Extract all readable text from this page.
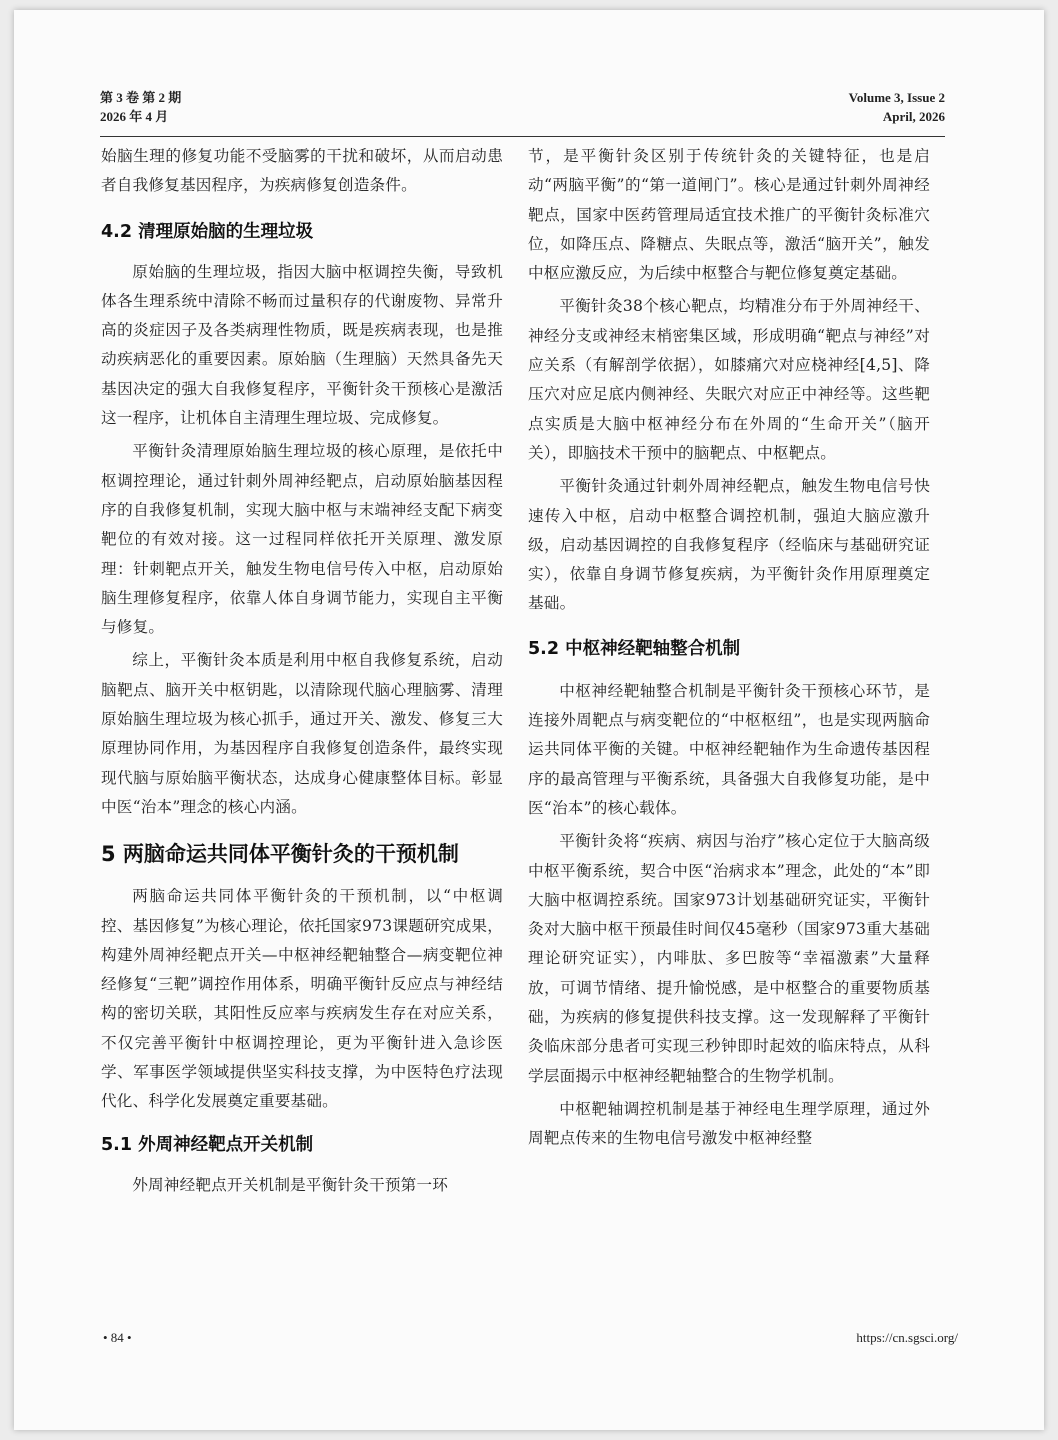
第 3 卷 第 2 期
2026 年 4 月
Volume 3, Issue 2
April, 2026

始脑生理的修复功能不受脑雾的干扰和破坏，从而启动患者自我修复基因程序，为疾病修复创造条件。

4.2 清理原始脑的生理垃圾

原始脑的生理垃圾，指因大脑中枢调控失衡，导致机体各生理系统中清除不畅而过量积存的代谢废物、异常升高的炎症因子及各类病理性物质，既是疾病表现，也是推动疾病恶化的重要因素。原始脑（生理脑）天然具备先天基因决定的强大自我修复程序，平衡针灸干预核心是激活这一程序，让机体自主清理生理垃圾、完成修复。

平衡针灸清理原始脑生理垃圾的核心原理，是依托中枢调控理论，通过针刺外周神经靶点，启动原始脑基因程序的自我修复机制，实现大脑中枢与末端神经支配下病变靶位的有效对接。这一过程同样依托开关原理、激发原理：针刺靶点开关，触发生物电信号传入中枢，启动原始脑生理修复程序，依靠人体自身调节能力，实现自主平衡与修复。

综上，平衡针灸本质是利用中枢自我修复系统，启动脑靶点、脑开关中枢钥匙，以清除现代脑心理脑雾、清理原始脑生理垃圾为核心抓手，通过开关、激发、修复三大原理协同作用，为基因程序自我修复创造条件，最终实现现代脑与原始脑平衡状态，达成身心健康整体目标。彰显中医“治本”理念的核心内涵。

5 两脑命运共同体平衡针灸的干预机制

两脑命运共同体平衡针灸的干预机制，以“中枢调控、基因修复”为核心理论，依托国家973课题研究成果，构建外周神经靶点开关—中枢神经靶轴整合—病变靶位神经修复“三靶”调控作用体系，明确平衡针反应点与神经结构的密切关联，其阳性反应率与疾病发生存在对应关系，不仅完善平衡针中枢调控理论，更为平衡针进入急诊医学、军事医学领域提供坚实科技支撑，为中医特色疗法现代化、科学化发展奠定重要基础。

5.1 外周神经靶点开关机制

外周神经靶点开关机制是平衡针灸干预第一环

节，是平衡针灸区别于传统针灸的关键特征，也是启动“两脑平衡”的“第一道闸门”。核心是通过针刺外周神经靶点，国家中医药管理局适宜技术推广的平衡针灸标准穴位，如降压点、降糖点、失眠点等，激活“脑开关”，触发中枢应激反应，为后续中枢整合与靶位修复奠定基础。

平衡针灸38个核心靶点，均精准分布于外周神经干、神经分支或神经末梢密集区域，形成明确“靶点与神经”对应关系（有解剖学依据），如膝痛穴对应桡神经[4,5]、降压穴对应足底内侧神经、失眠穴对应正中神经等。这些靶点实质是大脑中枢神经分布在外周的“生命开关”（脑开关），即脑技术干预中的脑靶点、中枢靶点。

平衡针灸通过针刺外周神经靶点，触发生物电信号快速传入中枢，启动中枢整合调控机制，强迫大脑应激升级，启动基因调控的自我修复程序（经临床与基础研究证实），依靠自身调节修复疾病，为平衡针灸作用原理奠定基础。

5.2 中枢神经靶轴整合机制

中枢神经靶轴整合机制是平衡针灸干预核心环节，是连接外周靶点与病变靶位的“中枢枢纽”，也是实现两脑命运共同体平衡的关键。中枢神经靶轴作为生命遗传基因程序的最高管理与平衡系统，具备强大自我修复功能，是中医“治本”的核心载体。

平衡针灸将“疾病、病因与治疗”核心定位于大脑高级中枢平衡系统，契合中医“治病求本”理念，此处的“本”即大脑中枢调控系统。国家973计划基础研究证实，平衡针灸对大脑中枢干预最佳时间仅45毫秒（国家973重大基础理论研究证实），内啡肽、多巴胺等“幸福激素”大量释放，可调节情绪、提升愉悦感，是中枢整合的重要物质基础，为疾病的修复提供科技支撑。这一发现解释了平衡针灸临床部分患者可实现三秒钟即时起效的临床特点，从科学层面揭示中枢神经靶轴整合的生物学机制。

中枢靶轴调控机制是基于神经电生理学原理，通过外周靶点传来的生物电信号激发中枢神经整

• 84 •	https://cn.sgsci.org/
